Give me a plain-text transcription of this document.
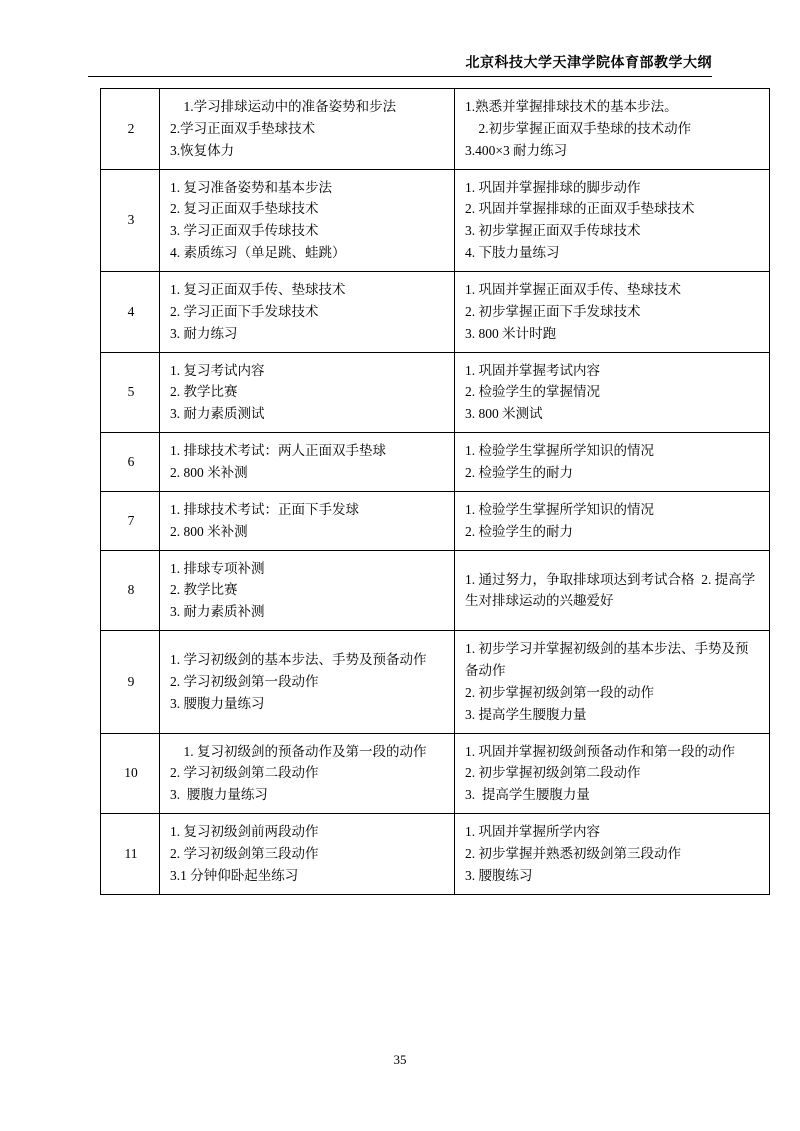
北京科技大学天津学院体育部教学大纲
2	　1.学习排球运动中的准备姿势和步法
2.学习正面双手垫球技术
3.恢复体力	1.熟悉并掌握排球技术的基本步法。
　2.初步掌握正面双手垫球的技术动作
3.400×3 耐力练习

3	1. 复习准备姿势和基本步法
2. 复习正面双手垫球技术
3. 学习正面双手传球技术
4. 素质练习（单足跳、蛙跳）	1. 巩固并掌握排球的脚步动作
2. 巩固并掌握排球的正面双手垫球技术
3. 初步掌握正面双手传球技术
4. 下肢力量练习

4	1. 复习正面双手传、垫球技术
2. 学习正面下手发球技术
3. 耐力练习	1. 巩固并掌握正面双手传、垫球技术
2. 初步掌握正面下手发球技术
3. 800 米计时跑

5	1. 复习考试内容
2. 教学比赛
3. 耐力素质测试	1. 巩固并掌握考试内容
2. 检验学生的掌握情况
3. 800 米测试

6	1. 排球技术考试：两人正面双手垫球
2. 800 米补测	1. 检验学生掌握所学知识的情况
2. 检验学生的耐力

7	1. 排球技术考试：正面下手发球
2. 800 米补测	1. 检验学生掌握所学知识的情况
2. 检验学生的耐力

8	1. 排球专项补测
2. 教学比赛
3. 耐力素质补测	1. 通过努力，争取排球项达到考试合格  2. 提高学生对排球运动的兴趣爱好

9	1. 学习初级剑的基本步法、手势及预备动作
2. 学习初级剑第一段动作
3. 腰腹力量练习	1. 初步学习并掌握初级剑的基本步法、手势及预备动作
2. 初步掌握初级剑第一段的动作
3. 提高学生腰腹力量

10	　1. 复习初级剑的预备动作及第一段的动作
2. 学习初级剑第二段动作
3.  腰腹力量练习	1. 巩固并掌握初级剑预备动作和第一段的动作
2. 初步掌握初级剑第二段动作
3.  提高学生腰腹力量

11	1. 复习初级剑前两段动作
2. 学习初级剑第三段动作
3.1 分钟仰卧起坐练习	1. 巩固并掌握所学内容
2. 初步掌握并熟悉初级剑第三段动作
3. 腰腹练习
35
